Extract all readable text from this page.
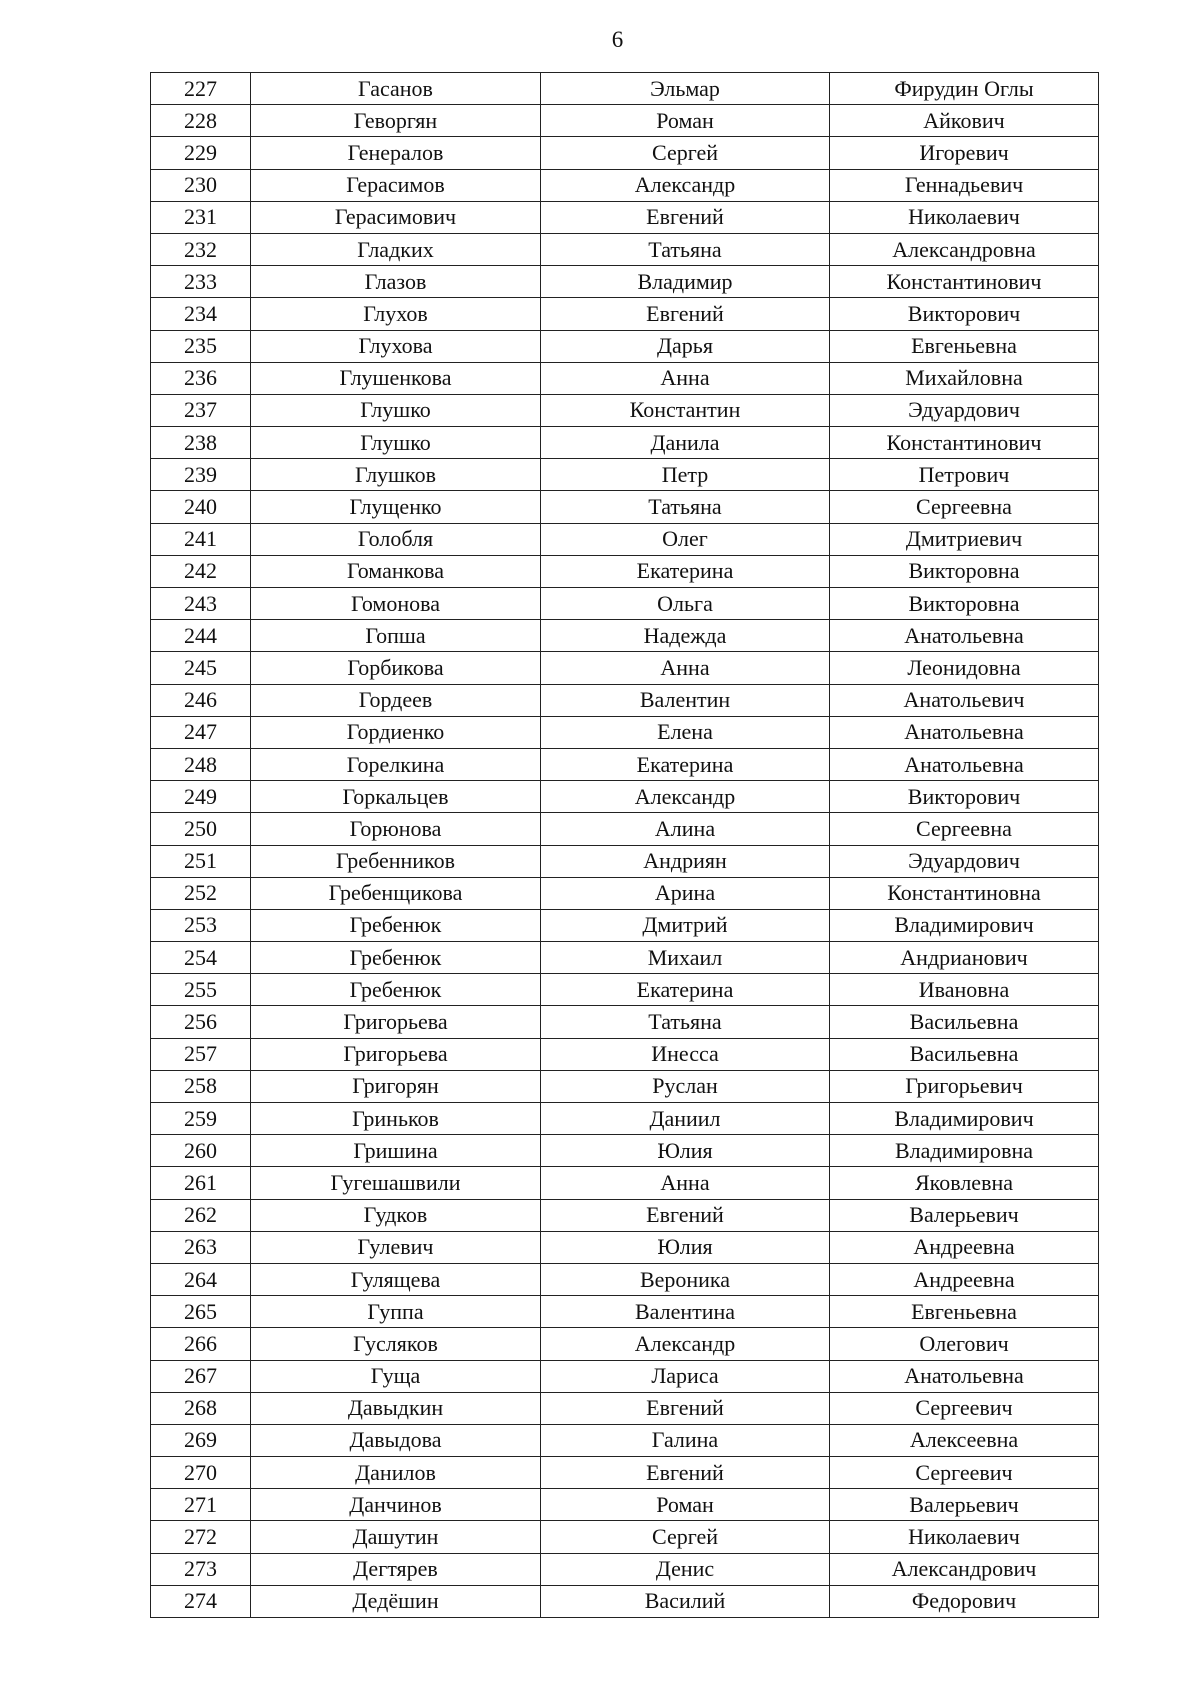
6
227	Гасанов	Эльмар	Фирудин Оглы
228	Геворгян	Роман	Айкович
229	Генералов	Сергей	Игоревич
230	Герасимов	Александр	Геннадьевич
231	Герасимович	Евгений	Николаевич
232	Гладких	Татьяна	Александровна
233	Глазов	Владимир	Константинович
234	Глухов	Евгений	Викторович
235	Глухова	Дарья	Евгеньевна
236	Глушенкова	Анна	Михайловна
237	Глушко	Константин	Эдуардович
238	Глушко	Данила	Константинович
239	Глушков	Петр	Петрович
240	Глущенко	Татьяна	Сергеевна
241	Голобля	Олег	Дмитриевич
242	Гоманкова	Екатерина	Викторовна
243	Гомонова	Ольга	Викторовна
244	Гопша	Надежда	Анатольевна
245	Горбикова	Анна	Леонидовна
246	Гордеев	Валентин	Анатольевич
247	Гордиенко	Елена	Анатольевна
248	Горелкина	Екатерина	Анатольевна
249	Горкальцев	Александр	Викторович
250	Горюнова	Алина	Сергеевна
251	Гребенников	Андриян	Эдуардович
252	Гребенщикова	Арина	Константиновна
253	Гребенюк	Дмитрий	Владимирович
254	Гребенюк	Михаил	Андрианович
255	Гребенюк	Екатерина	Ивановна
256	Григорьева	Татьяна	Васильевна
257	Григорьева	Инесса	Васильевна
258	Григорян	Руслан	Григорьевич
259	Гриньков	Даниил	Владимирович
260	Гришина	Юлия	Владимировна
261	Гугешашвили	Анна	Яковлевна
262	Гудков	Евгений	Валерьевич
263	Гулевич	Юлия	Андреевна
264	Гулящева	Вероника	Андреевна
265	Гуппа	Валентина	Евгеньевна
266	Гусляков	Александр	Олегович
267	Гуща	Лариса	Анатольевна
268	Давыдкин	Евгений	Сергеевич
269	Давыдова	Галина	Алексеевна
270	Данилов	Евгений	Сергеевич
271	Данчинов	Роман	Валерьевич
272	Дашутин	Сергей	Николаевич
273	Дегтярев	Денис	Александрович
274	Дедёшин	Василий	Федорович
